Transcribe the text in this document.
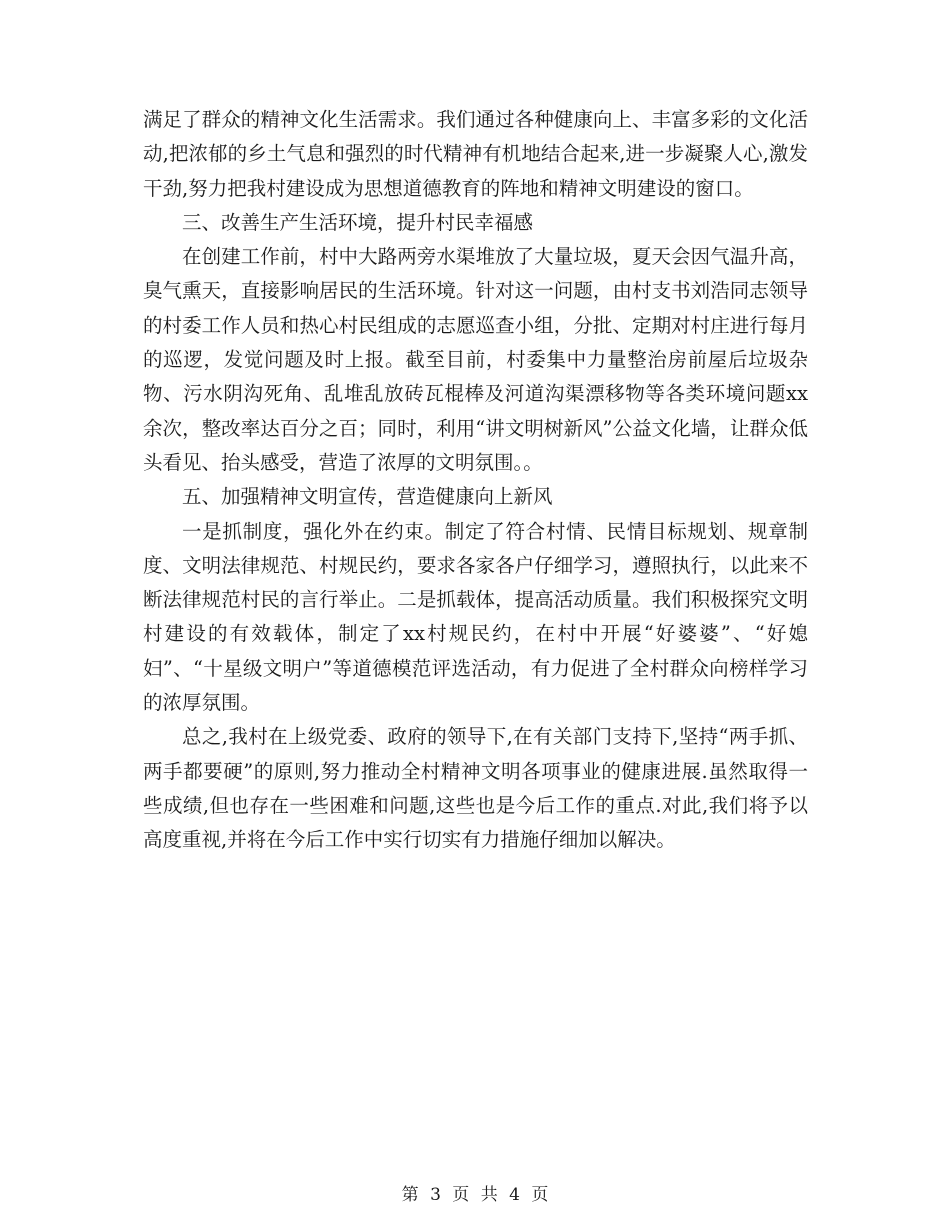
满足了群众的精神文化生活需求。我们通过各种健康向上、丰富多彩的文化活动,把浓郁的乡土气息和强烈的时代精神有机地结合起来,进一步凝聚人心,激发干劲,努力把我村建设成为思想道德教育的阵地和精神文明建设的窗口。

三、改善生产生活环境，提升村民幸福感

在创建工作前，村中大路两旁水渠堆放了大量垃圾，夏天会因气温升高，臭气熏天，直接影响居民的生活环境。针对这一问题，由村支书刘浩同志领导的村委工作人员和热心村民组成的志愿巡查小组，分批、定期对村庄进行每月的巡逻，发觉问题及时上报。截至目前，村委集中力量整治房前屋后垃圾杂物、污水阴沟死角、乱堆乱放砖瓦棍棒及河道沟渠漂移物等各类环境问题xx余次，整改率达百分之百；同时，利用“讲文明树新风”公益文化墙，让群众低头看见、抬头感受，营造了浓厚的文明氛围。。

五、加强精神文明宣传，营造健康向上新风

一是抓制度，强化外在约束。制定了符合村情、民情目标规划、规章制度、文明法律规范、村规民约，要求各家各户仔细学习，遵照执行，以此来不断法律规范村民的言行举止。二是抓载体，提高活动质量。我们积极探究文明村建设的有效载体，制定了xx村规民约，在村中开展“好婆婆”、“好媳妇”、“十星级文明户”等道德模范评选活动，有力促进了全村群众向榜样学习的浓厚氛围。

总之,我村在上级党委、政府的领导下,在有关部门支持下,坚持“两手抓、两手都要硬”的原则,努力推动全村精神文明各项事业的健康进展.虽然取得一些成绩,但也存在一些困难和问题,这些也是今后工作的重点.对此,我们将予以高度重视,并将在今后工作中实行切实有力措施仔细加以解决。

第 3 页 共 4 页
